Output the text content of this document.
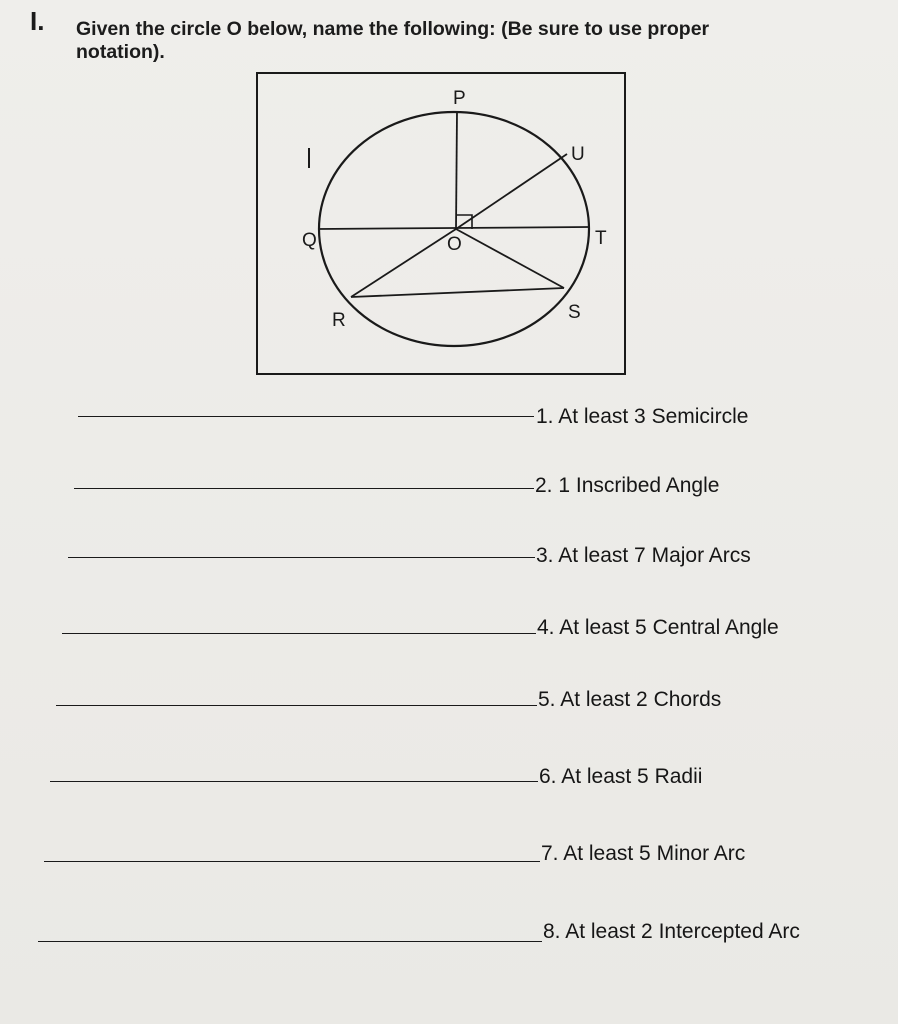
I. Given the circle O below, name the following: (Be sure to use proper notation).
P
U
Q	O	T
R	S
1. At least 3 Semicircle
2. 1 Inscribed Angle
3. At least 7 Major Arcs
4. At least 5 Central Angle
5. At least 2 Chords
6. At least 5 Radii
7. At least 5 Minor Arc
8. At least 2 Intercepted Arc
